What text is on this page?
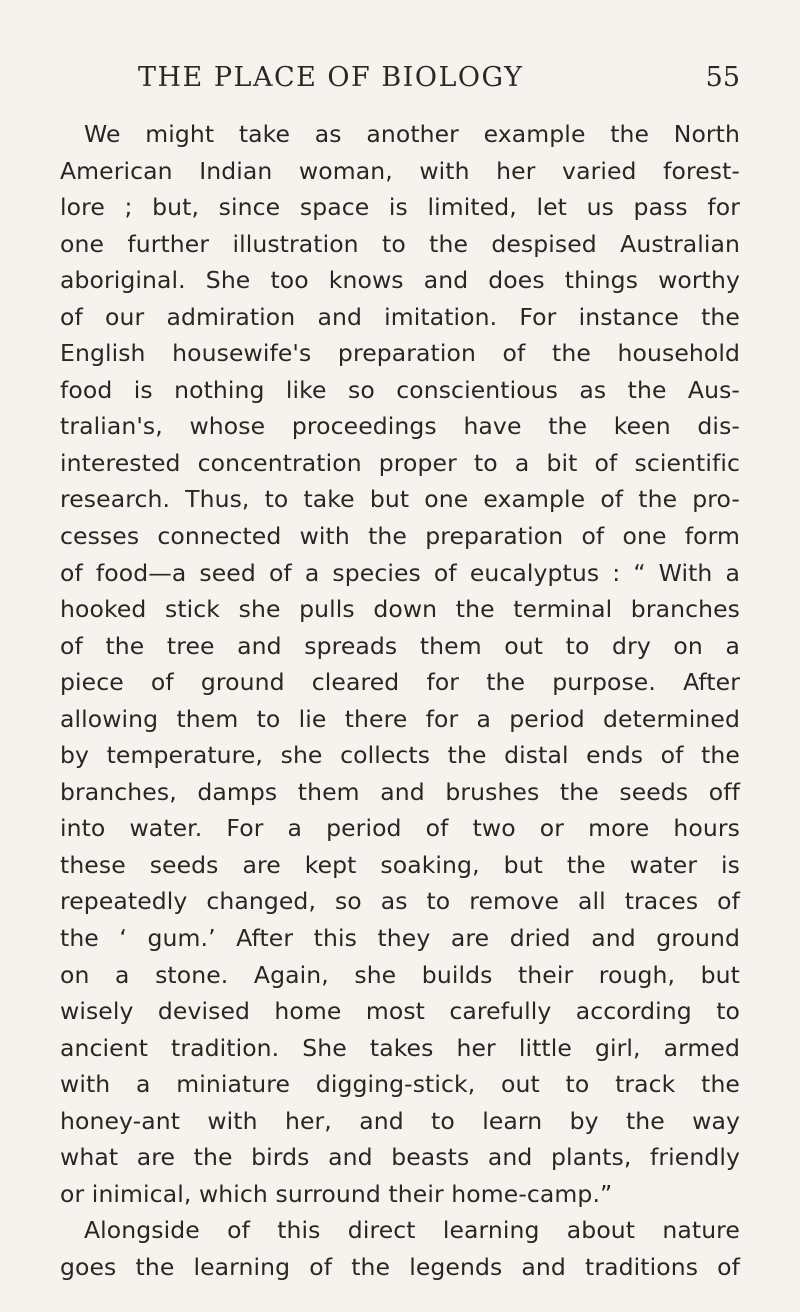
THE PLACE OF BIOLOGY	55
We might take as another example the North
American Indian woman, with her varied forest-
lore ; but, since space is limited, let us pass for
one further illustration to the despised Australian
aboriginal. She too knows and does things worthy
of our admiration and imitation. For instance the
English housewife's preparation of the household
food is nothing like so conscientious as the Aus-
tralian's, whose proceedings have the keen dis-
interested concentration proper to a bit of scientific
research. Thus, to take but one example of the pro-
cesses connected with the preparation of one form
of food—a seed of a species of eucalyptus : “ With a
hooked stick she pulls down the terminal branches
of the tree and spreads them out to dry on a
piece of ground cleared for the purpose. After
allowing them to lie there for a period determined
by temperature, she collects the distal ends of the
branches, damps them and brushes the seeds off
into water. For a period of two or more hours
these seeds are kept soaking, but the water is
repeatedly changed, so as to remove all traces of
the ‘ gum.’ After this they are dried and ground
on a stone. Again, she builds their rough, but
wisely devised home most carefully according to
ancient tradition. She takes her little girl, armed
with a miniature digging-stick, out to track the
honey-ant with her, and to learn by the way
what are the birds and beasts and plants, friendly
or inimical, which surround their home-camp.”
Alongside of this direct learning about nature
goes the learning of the legends and traditions of
